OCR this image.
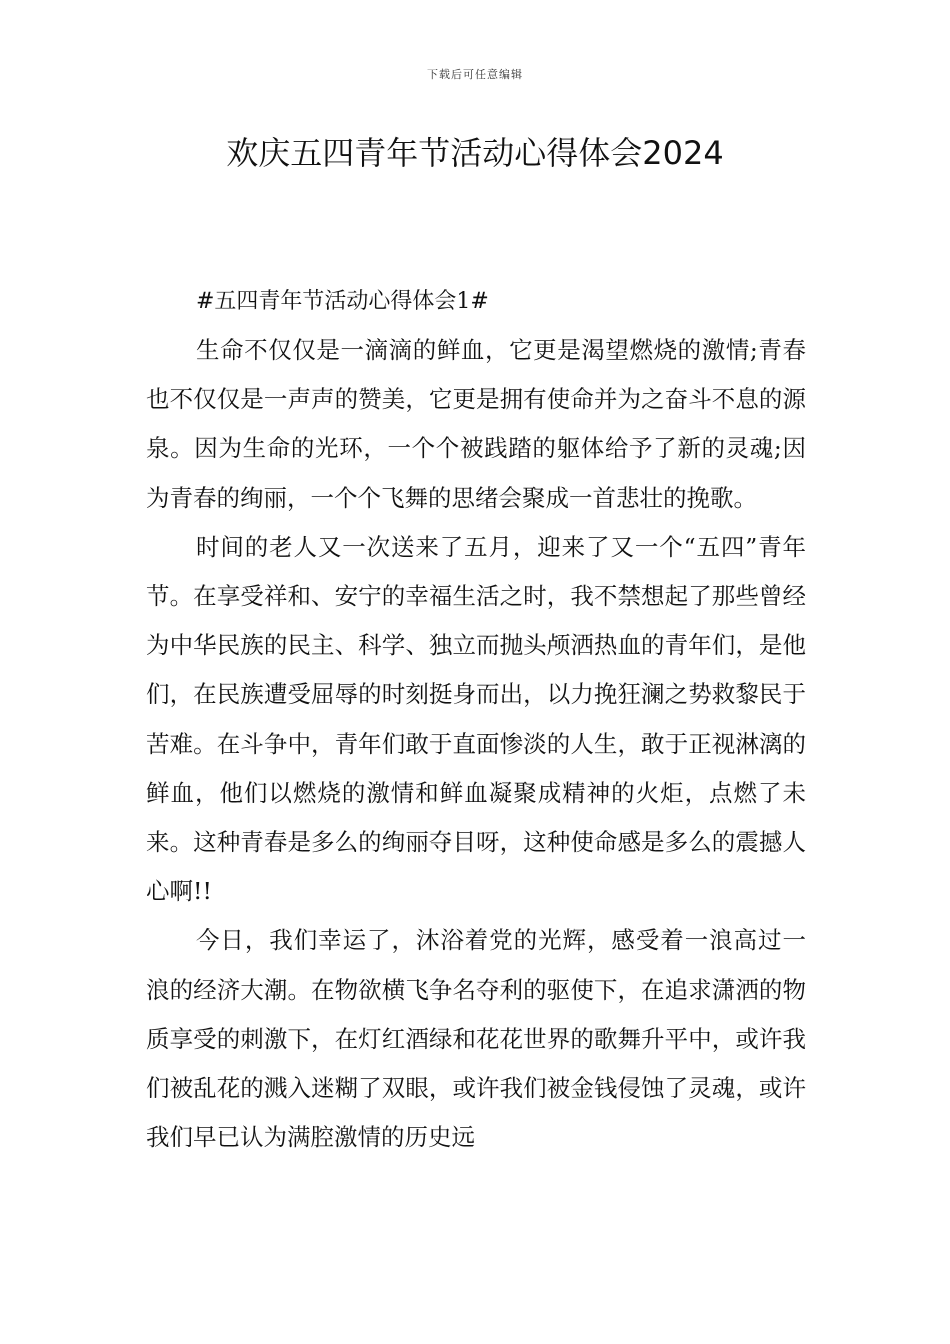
下载后可任意编辑
欢庆五四青年节活动心得体会2024

#五四青年节活动心得体会1#

生命不仅仅是一滴滴的鲜血，它更是渴望燃烧的激情;青春也不仅仅是一声声的赞美，它更是拥有使命并为之奋斗不息的源泉。因为生命的光环，一个个被践踏的躯体给予了新的灵魂;因为青春的绚丽，一个个飞舞的思绪会聚成一首悲壮的挽歌。

时间的老人又一次送来了五月，迎来了又一个“五四”青年节。在享受祥和、安宁的幸福生活之时，我不禁想起了那些曾经为中华民族的民主、科学、独立而抛头颅洒热血的青年们，是他们，在民族遭受屈辱的时刻挺身而出，以力挽狂澜之势救黎民于苦难。在斗争中，青年们敢于直面惨淡的人生，敢于正视淋漓的鲜血，他们以燃烧的激情和鲜血凝聚成精神的火炬，点燃了未来。这种青春是多么的绚丽夺目呀，这种使命感是多么的震撼人心啊!!

今日，我们幸运了，沐浴着党的光辉，感受着一浪高过一浪的经济大潮。在物欲横飞争名夺利的驱使下，在追求潇洒的物质享受的刺激下，在灯红酒绿和花花世界的歌舞升平中，或许我们被乱花的溅入迷糊了双眼，或许我们被金钱侵蚀了灵魂，或许我们早已认为满腔激情的历史远
